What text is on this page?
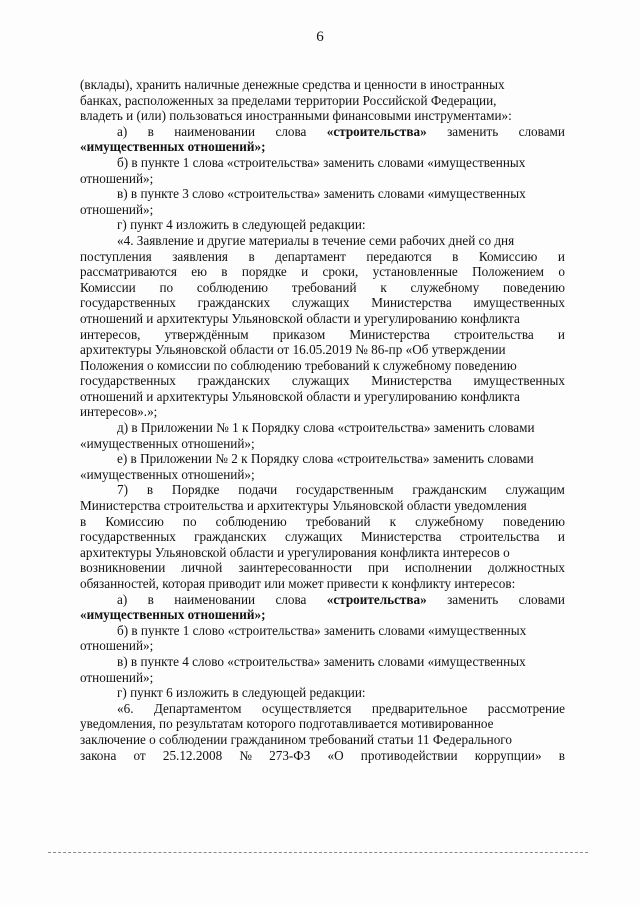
6
(вклады), хранить наличные денежные средства и ценности в иностранных
банках, расположенных за пределами территории Российской Федерации,
владеть и (или) пользоваться иностранными финансовыми инструментами»:
а) в наименовании слова «строительства» заменить словами
«имущественных отношений»;
б) в пункте 1 слова «строительства» заменить словами «имущественных
отношений»;
в) в пункте 3 слово «строительства» заменить словами «имущественных
отношений»;
г) пункт 4 изложить в следующей редакции:
«4. Заявление и другие материалы в течение семи рабочих дней со дня
поступления заявления в департамент передаются в Комиссию и
рассматриваются ею в порядке и сроки, установленные Положением о
Комиссии по соблюдению требований к служебному поведению
государственных гражданских служащих Министерства имущественных
отношений и архитектуры Ульяновской области и урегулированию конфликта
интересов, утверждённым приказом Министерства строительства и
архитектуры Ульяновской области от 16.05.2019 № 86-пр «Об утверждении
Положения о комиссии по соблюдению требований к служебному поведению
государственных гражданских служащих Министерства имущественных
отношений и архитектуры Ульяновской области и урегулированию конфликта
интересов».»;
д) в Приложении № 1 к Порядку слова «строительства» заменить словами
«имущественных отношений»;
е) в Приложении № 2 к Порядку слова «строительства» заменить словами
«имущественных отношений»;
7) в Порядке подачи государственным гражданским служащим
Министерства строительства и архитектуры Ульяновской области уведомления
в Комиссию по соблюдению требований к служебному поведению
государственных гражданских служащих Министерства строительства и
архитектуры Ульяновской области и урегулирования конфликта интересов о
возникновении личной заинтересованности при исполнении должностных
обязанностей, которая приводит или может привести к конфликту интересов:
а) в наименовании слова «строительства» заменить словами
«имущественных отношений»;
б) в пункте 1 слово «строительства» заменить словами «имущественных
отношений»;
в) в пункте 4 слово «строительства» заменить словами «имущественных
отношений»;
г) пункт 6 изложить в следующей редакции:
«6. Департаментом осуществляется предварительное рассмотрение
уведомления, по результатам которого подготавливается мотивированное
заключение о соблюдении гражданином требований статьи 11 Федерального
закона от 25.12.2008 № 273-ФЗ «О противодействии коррупции» в
